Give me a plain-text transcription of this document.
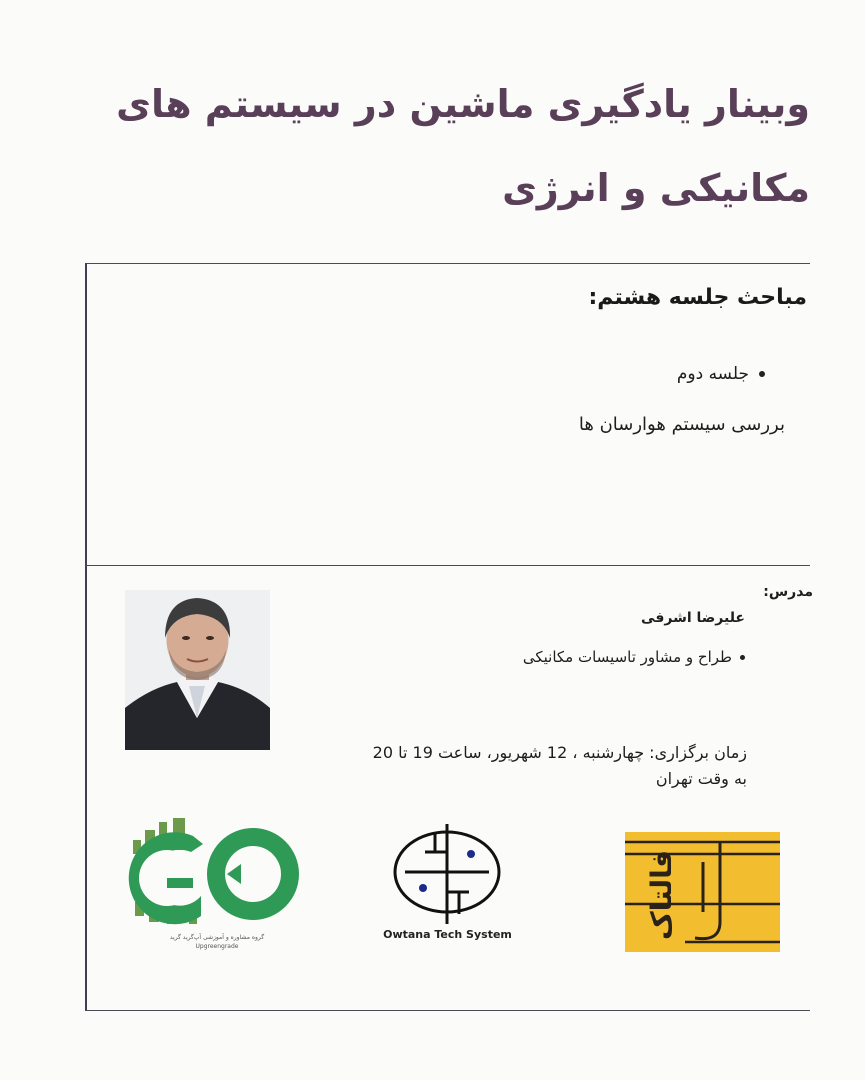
وبینار یادگیری ماشین در سیستم های مکانیکی و انرژی
مباحث جلسه هشتم:
جلسه دوم
بررسی سیستم هوارسان ها
مدرس:
علیرضا اشرفی
طراح و مشاور تاسیسات مکانیکی
زمان برگزاری: چهارشنبه ، 12 شهریور، ساعت 19 تا 20
به وقت تهران
گروه مشاوره و آموزشی آپ‌گرید گرید
Upgreengrade
Owtana Tech System	فالتاک
